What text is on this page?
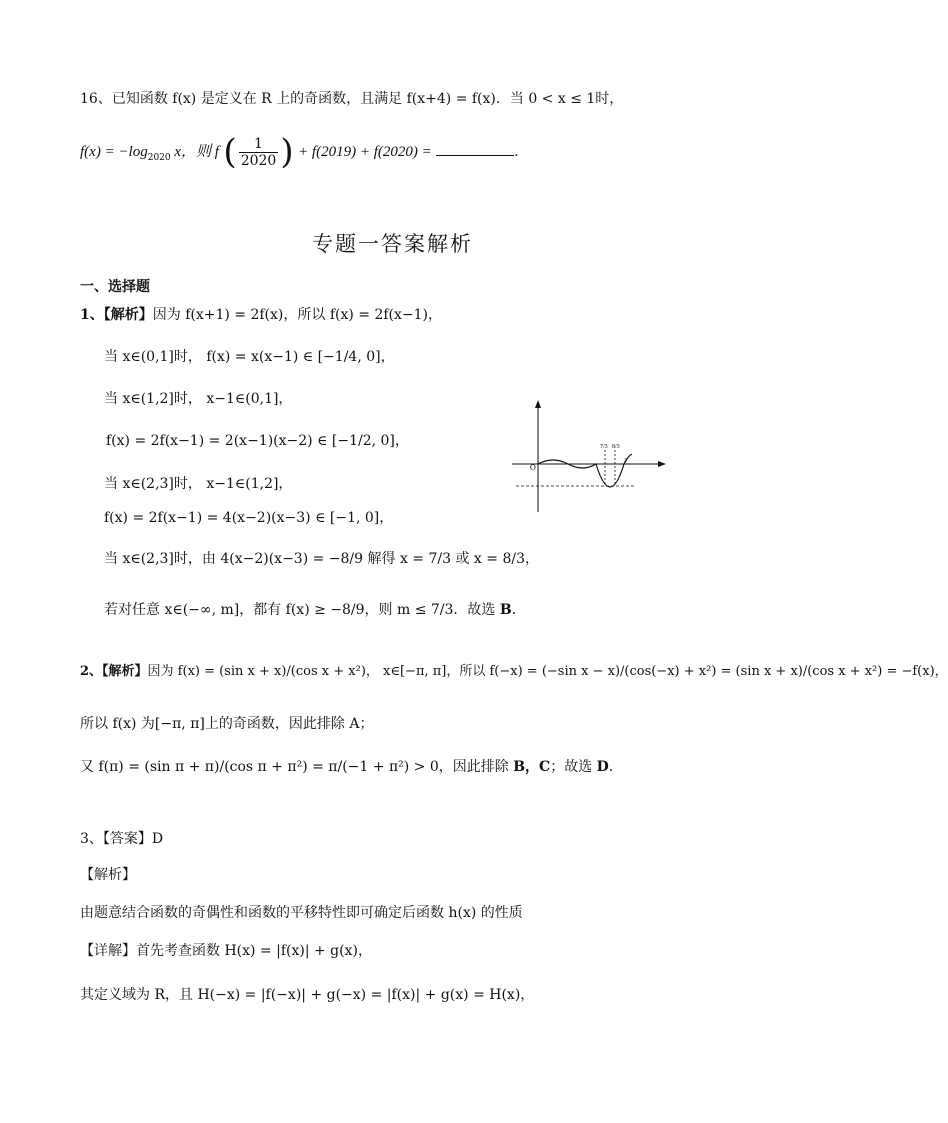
16、已知函数 f(x) 是定义在 R 上的奇函数，且满足 f(x+4) = f(x)．当 0 < x ≤ 1时，
$f(x) = -\log_{2020}$ x，则 f ( $\frac{1}{2020}$ ) + f(2019) + f(2020) =	．
专题一答案解析
一、选择题
1、【解析】因为 f(x+1) = 2f(x)，所以 f(x) = 2f(x−1)，
当 x∈(0,1]时， f(x) = x(x−1) ∈ [−1/4, 0]，
当 x∈(1,2]时， x−1∈(0,1]，
f(x) = 2f(x−1) = 2(x−1)(x−2) ∈ [−1/2, 0]，
当 x∈(2,3]时， x−1∈(1,2]，
f(x) = 2f(x−1) = 4(x−2)(x−3) ∈ [−1, 0]，
当 x∈(2,3]时，由 4(x−2)(x−3) = −8/9 解得 x = 7/3 或 x = 8/3，
若对任意 x∈(−∞, m]，都有 f(x) ≥ −8/9，则 m ≤ 7/3．故选 B．
O
7/3 8/3
3
2、【解析】因为 f(x) = (sin x + x)/(cos x + x²)， x∈[−π, π]，所以 f(−x) = (−sin x − x)/(cos(−x) + x²) = (sin x + x)/(cos x + x²) = −f(x)，
所以 f(x) 为[−π, π]上的奇函数，因此排除 A；
又 f(π) = (sin π + π)/(cos π + π²) = π/(−1 + π²) > 0，因此排除 B，C；故选 D．
3、【答案】D
【解析】
由题意结合函数的奇偶性和函数的平移特性即可确定后函数 h(x) 的性质
【详解】首先考查函数 H(x) = |f(x)| + g(x)，
其定义域为 R，且 H(−x) = |f(−x)| + g(−x) = |f(x)| + g(x) = H(x)，
